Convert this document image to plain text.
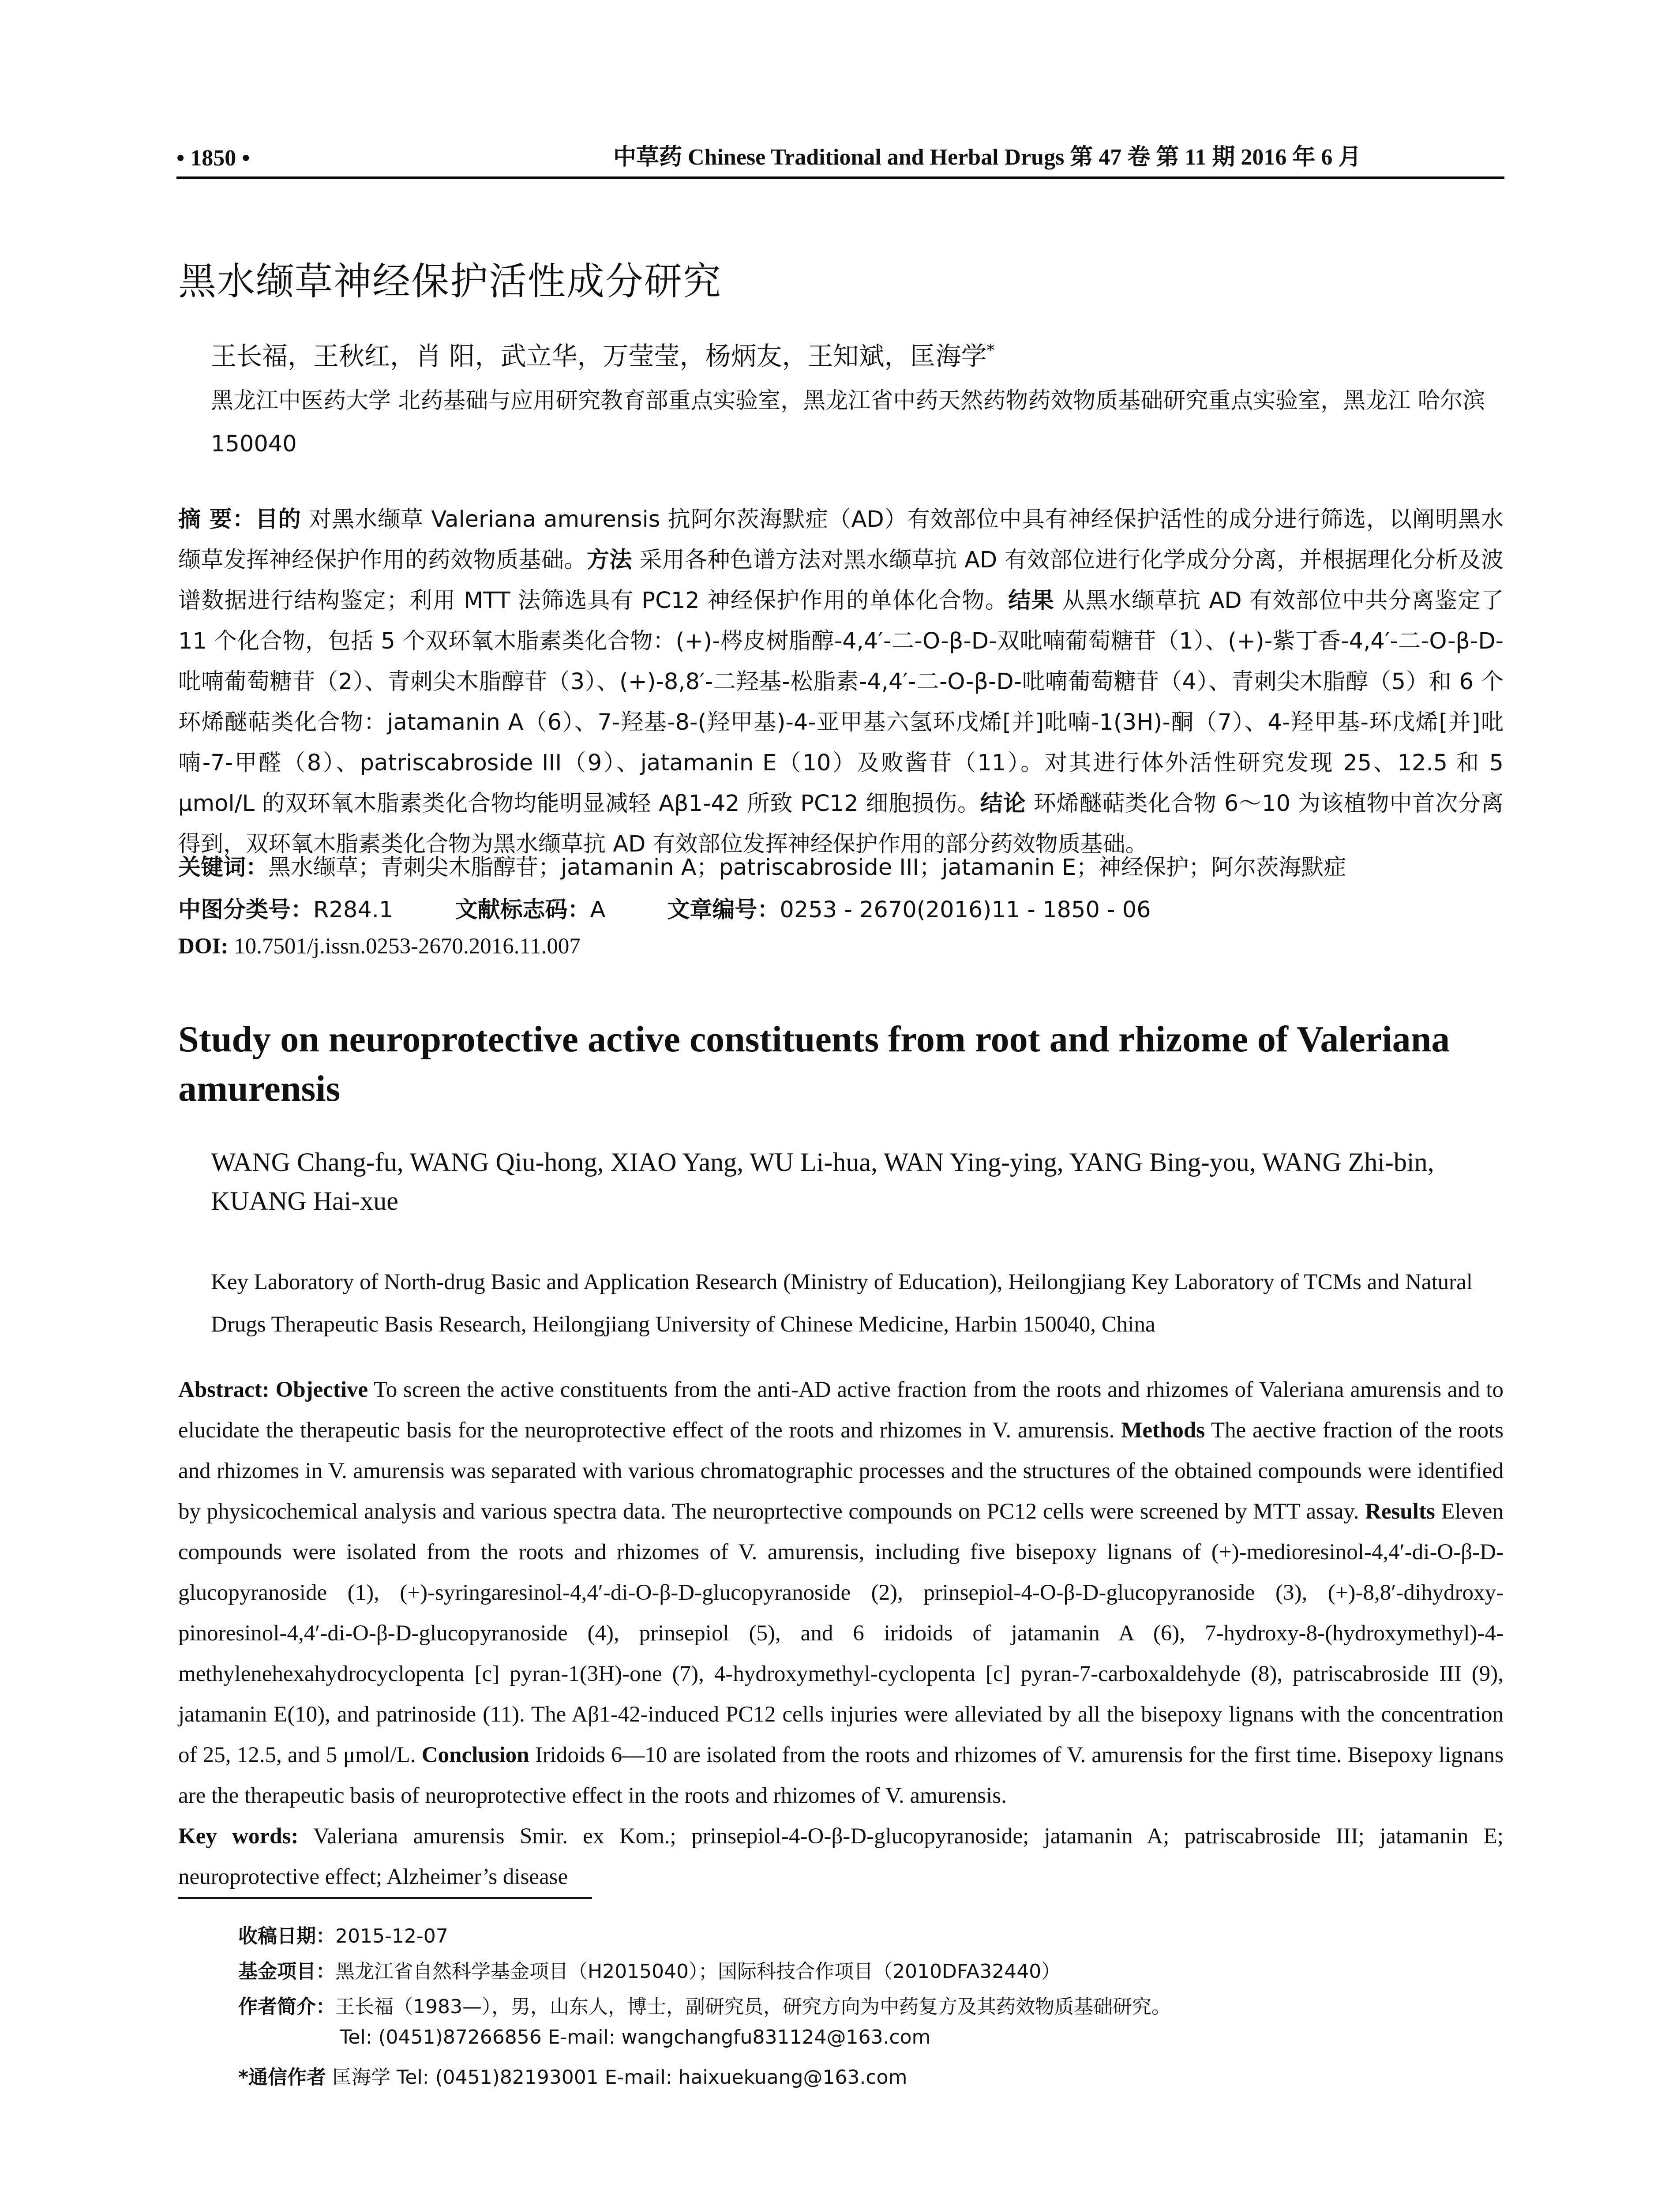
• 1850 •	中草药 Chinese Traditional and Herbal Drugs 第 47 卷 第 11 期 2016 年 6 月
黑水缬草神经保护活性成分研究
王长福，王秋红，肖 阳，武立华，万莹莹，杨炳友，王知斌，匡海学*
黑龙江中医药大学 北药基础与应用研究教育部重点实验室，黑龙江省中药天然药物药效物质基础研究重点实验室，黑龙江 哈尔滨 150040
摘 要：目的 对黑水缬草 Valeriana amurensis 抗阿尔茨海默症（AD）有效部位中具有神经保护活性的成分进行筛选，以阐明黑水缬草发挥神经保护作用的药效物质基础。方法 采用各种色谱方法对黑水缬草抗 AD 有效部位进行化学成分分离，并根据理化分析及波谱数据进行结构鉴定；利用 MTT 法筛选具有 PC12 神经保护作用的单体化合物。结果 从黑水缬草抗 AD 有效部位中共分离鉴定了 11 个化合物，包括 5 个双环氧木脂素类化合物：(+)-梣皮树脂醇-4,4′-二-O-β-D-双吡喃葡萄糖苷（1）、(+)-紫丁香-4,4′-二-O-β-D-吡喃葡萄糖苷（2）、青刺尖木脂醇苷（3）、(+)-8,8′-二羟基-松脂素-4,4′-二-O-β-D-吡喃葡萄糖苷（4）、青刺尖木脂醇（5）和 6 个环烯醚萜类化合物：jatamanin A（6）、7-羟基-8-(羟甲基)-4-亚甲基六氢环戊烯[并]吡喃-1(3H)-酮（7）、4-羟甲基-环戊烯[并]吡喃-7-甲醛（8）、patriscabroside III（9）、jatamanin E（10）及败酱苷（11）。对其进行体外活性研究发现 25、12.5 和 5 μmol/L 的双环氧木脂素类化合物均能明显减轻 Aβ1-42 所致 PC12 细胞损伤。结论 环烯醚萜类化合物 6～10 为该植物中首次分离得到，双环氧木脂素类化合物为黑水缬草抗 AD 有效部位发挥神经保护作用的部分药效物质基础。
关键词：黑水缬草；青刺尖木脂醇苷；jatamanin A；patriscabroside III；jatamanin E；神经保护；阿尔茨海默症
中图分类号：R284.1	文献标志码：A	文章编号：0253 - 2670(2016)11 - 1850 - 06
DOI: 10.7501/j.issn.0253-2670.2016.11.007
Study on neuroprotective active constituents from root and rhizome of Valeriana amurensis
WANG Chang-fu, WANG Qiu-hong, XIAO Yang, WU Li-hua, WAN Ying-ying, YANG Bing-you, WANG Zhi-bin, KUANG Hai-xue
Key Laboratory of North-drug Basic and Application Research (Ministry of Education), Heilongjiang Key Laboratory of TCMs and Natural Drugs Therapeutic Basis Research, Heilongjiang University of Chinese Medicine, Harbin 150040, China
Abstract: Objective To screen the active constituents from the anti-AD active fraction from the roots and rhizomes of Valeriana amurensis and to elucidate the therapeutic basis for the neuroprotective effect of the roots and rhizomes in V. amurensis. Methods The aective fraction of the roots and rhizomes in V. amurensis was separated with various chromatographic processes and the structures of the obtained compounds were identified by physicochemical analysis and various spectra data. The neuroprtective compounds on PC12 cells were screened by MTT assay. Results Eleven compounds were isolated from the roots and rhizomes of V. amurensis, including five bisepoxy lignans of (+)-medioresinol-4,4′-di-O-β-D-glucopyranoside (1), (+)-syringaresinol-4,4′-di-O-β-D-glucopyranoside (2), prinsepiol-4-O-β-D-glucopyranoside (3), (+)-8,8′-dihydroxy-pinoresinol-4,4′-di-O-β-D-glucopyranoside (4), prinsepiol (5), and 6 iridoids of jatamanin A (6), 7-hydroxy-8-(hydroxymethyl)-4-methylenehexahydrocyclopenta [c] pyran-1(3H)-one (7), 4-hydroxymethyl-cyclopenta [c] pyran-7-carboxaldehyde (8), patriscabroside III (9), jatamanin E(10), and patrinoside (11). The Aβ1-42-induced PC12 cells injuries were alleviated by all the bisepoxy lignans with the concentration of 25, 12.5, and 5 μmol/L. Conclusion Iridoids 6—10 are isolated from the roots and rhizomes of V. amurensis for the first time. Bisepoxy lignans are the therapeutic basis of neuroprotective effect in the roots and rhizomes of V. amurensis.
Key words: Valeriana amurensis Smir. ex Kom.; prinsepiol-4-O-β-D-glucopyranoside; jatamanin A; patriscabroside III; jatamanin E; neuroprotective effect; Alzheimer’s disease
收稿日期：2015-12-07
基金项目：黑龙江省自然科学基金项目（H2015040）；国际科技合作项目（2010DFA32440）
作者简介：王长福（1983—），男，山东人，博士，副研究员，研究方向为中药复方及其药效物质基础研究。
Tel: (0451)87266856 E-mail: wangchangfu831124@163.com
*通信作者 匡海学 Tel: (0451)82193001 E-mail: haixuekuang@163.com
